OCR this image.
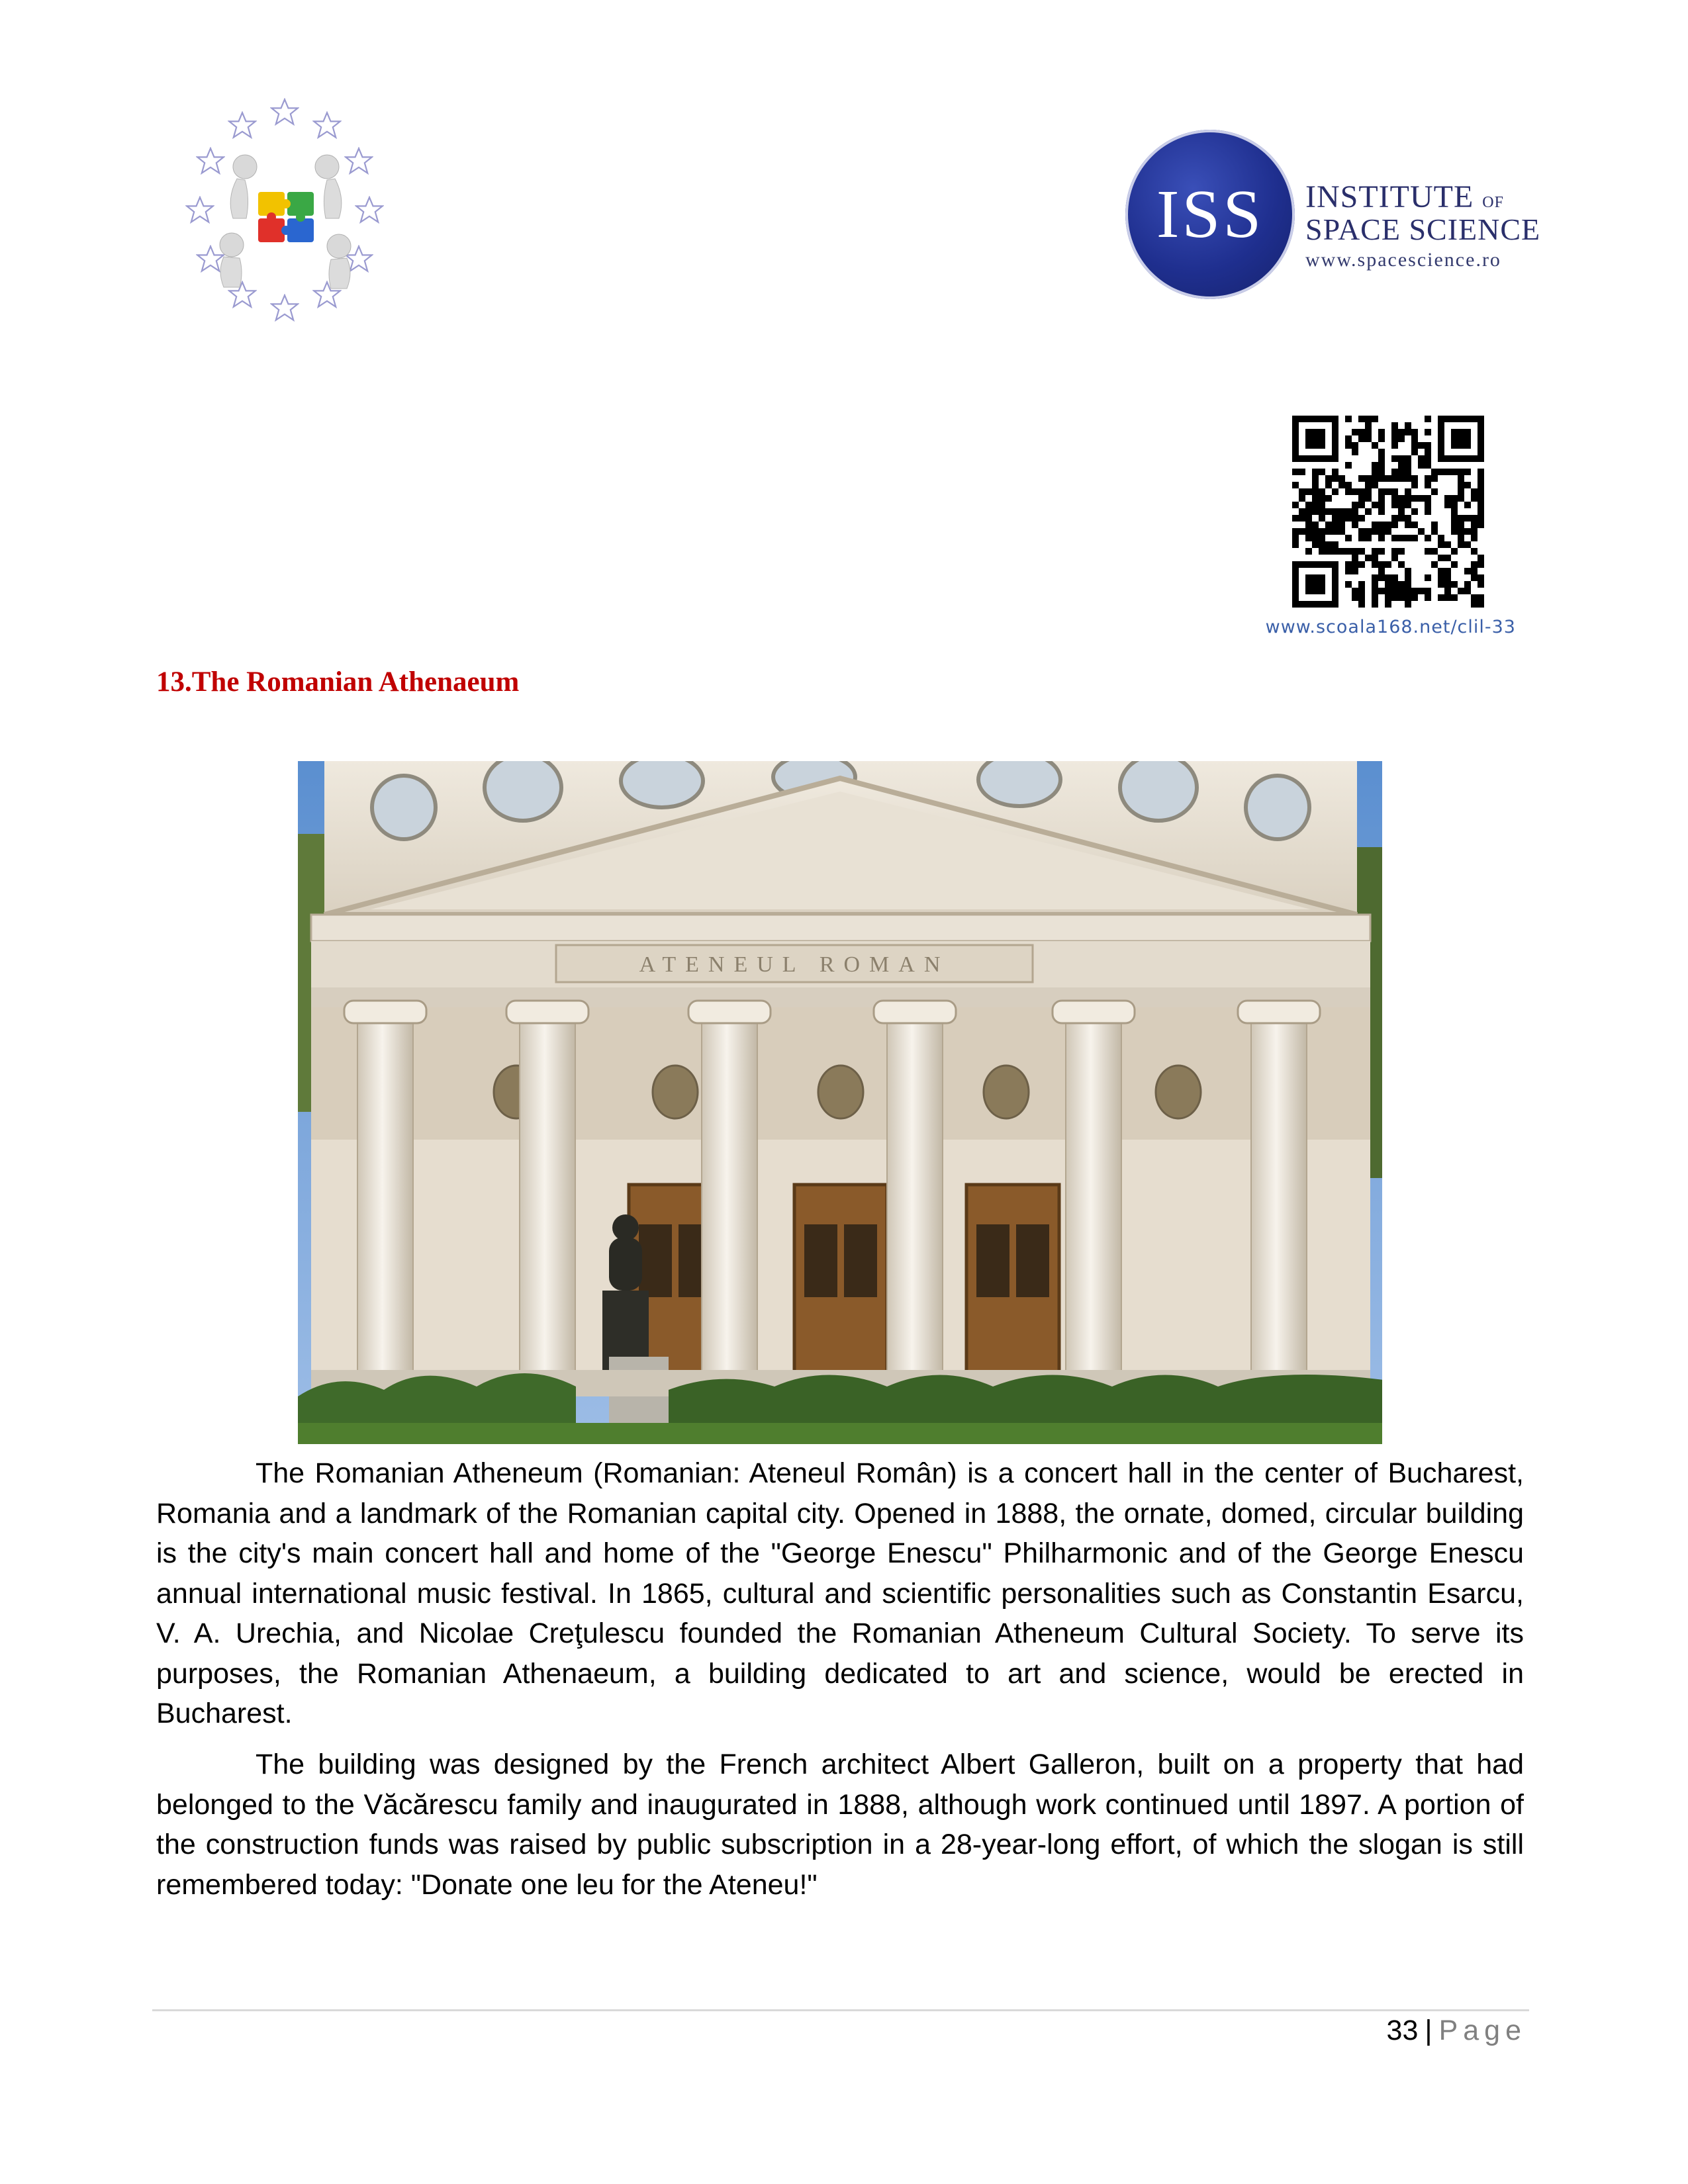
ISS	INSTITUTE OF
SPACE SCIENCE
www.spacescience.ro
www.scoala168.net/clil-33
13.The Romanian Athenaeum
ATENEUL ROMAN

The Romanian Atheneum (Romanian: Ateneul Român) is a concert hall in the center of Bucharest, Romania and a landmark of the Romanian capital city. Opened in 1888, the ornate, domed, circular building is the city's main concert hall and home of the "George Enescu" Philharmonic and of the George Enescu annual international music festival. In 1865, cultural and scientific personalities such as Constantin Esarcu, V. A. Urechia, and Nicolae Creţulescu founded the Romanian Atheneum Cultural Society. To serve its purposes, the Romanian Athenaeum, a building dedicated to art and science, would be erected in Bucharest.

The building was designed by the French architect Albert Galleron, built on a property that had belonged to the Văcărescu family and inaugurated in 1888, although work continued until 1897. A portion of the construction funds was raised by public subscription in a 28-year-long effort, of which the slogan is still remembered today: "Donate one leu for the Ateneu!"

33 | Page
